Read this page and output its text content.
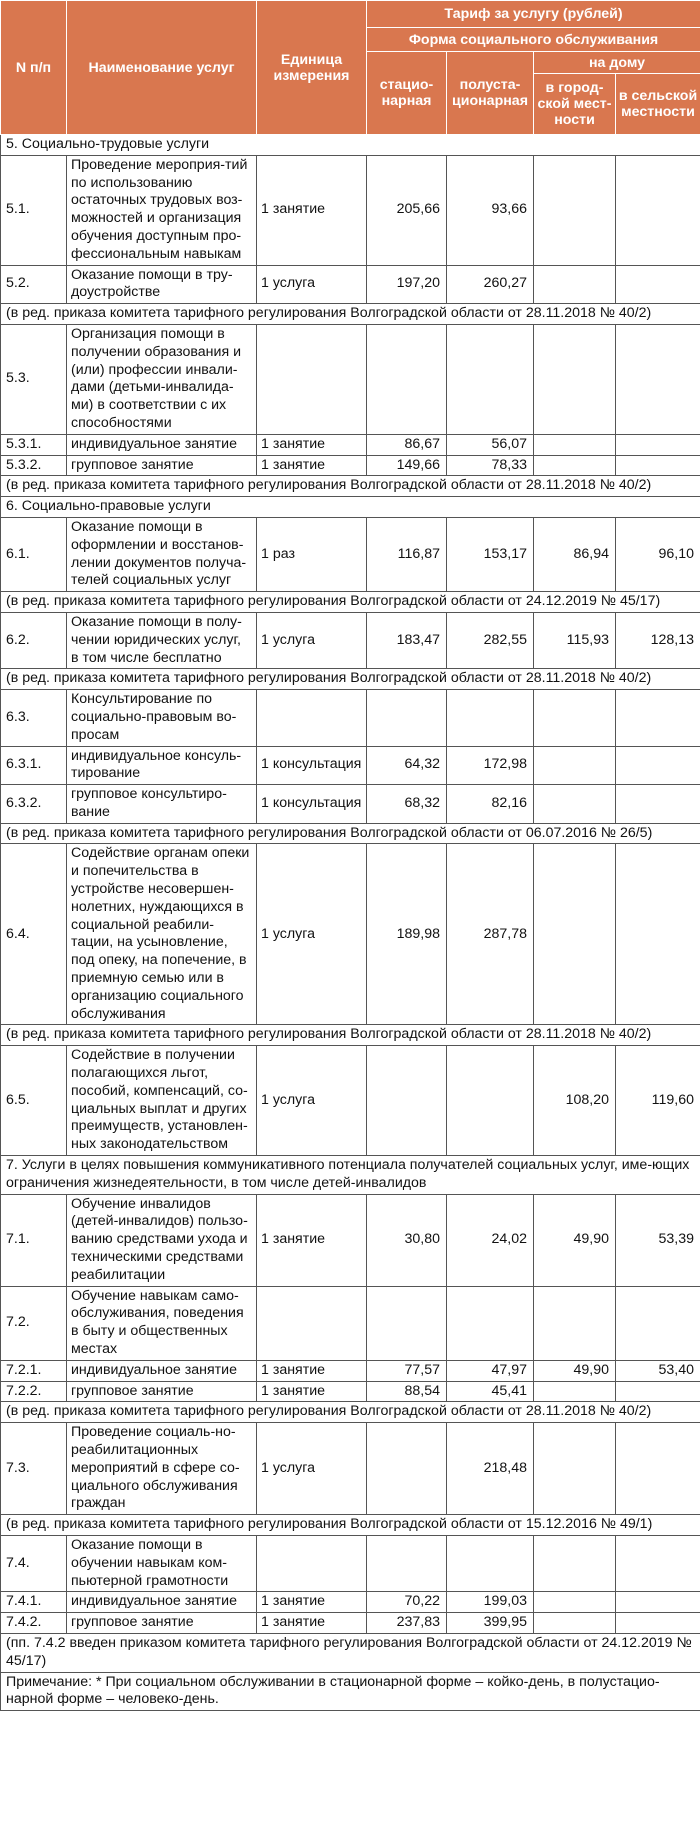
N п/п	Наименование услуг	Единица измерения	Тариф за услугу (рублей)			
			Форма социального обслуживания			
			стацио-нарная	полуста-ционарная	на дому	
					в город-ской мест-ности	в сельской местности
5. Социально-трудовые услуги						
5.1.	Проведение мероприя-тий по использованию остаточных трудовых воз-можностей и организация обучения доступным про-фессиональным навыкам	1 занятие	205,66	93,66		
5.2.	Оказание помощи в тру-доустройстве	1 услуга	197,20	260,27		
(в ред. приказа комитета тарифного регулирования Волгоградской области от 28.11.2018 № 40/2)						
5.3.	Организация помощи в получении образования и (или) профессии инвали-дами (детьми-инвалида-ми) в соответствии с их способностями					
5.3.1.	индивидуальное занятие	1 занятие	86,67	56,07		
5.3.2.	групповое занятие	1 занятие	149,66	78,33		
(в ред. приказа комитета тарифного регулирования Волгоградской области от 28.11.2018 № 40/2)						
6. Социально-правовые услуги						
6.1.	Оказание помощи в оформлении и восстанов-лении документов получа-телей социальных услуг	1 раз	116,87	153,17	86,94	96,10
(в ред. приказа комитета тарифного регулирования Волгоградской области от 24.12.2019 № 45/17)						
6.2.	Оказание помощи в полу-чении юридических услуг, в том числе бесплатно	1 услуга	183,47	282,55	115,93	128,13
(в ред. приказа комитета тарифного регулирования Волгоградской области от 28.11.2018 № 40/2)						
6.3.	Консультирование по социально-правовым во-просам					
6.3.1.	индивидуальное консуль-тирование	1 консультация	64,32	172,98		
6.3.2.	групповое консультиро-вание	1 консультация	68,32	82,16		
(в ред. приказа комитета тарифного регулирования Волгоградской области от 06.07.2016 № 26/5)						
6.4.	Содействие органам опеки и попечительства в устройстве несовершен-нолетних, нуждающихся в социальной реабили-тации, на усыновление, под опеку, на попечение, в приемную семью или в организацию социального обслуживания	1 услуга	189,98	287,78		
(в ред. приказа комитета тарифного регулирования Волгоградской области от 28.11.2018 № 40/2)						
6.5.	Содействие в получении полагающихся льгот, пособий, компенсаций, со-циальных выплат и других преимуществ, установлен-ных законодательством	1 услуга			108,20	119,60
7. Услуги в целях повышения коммуникативного потенциала получателей социальных услуг, име-ющих ограничения жизнедеятельности, в том числе детей-инвалидов						
7.1.	Обучение инвалидов (детей-инвалидов) пользо-ванию средствами ухода и техническими средствами реабилитации	1 занятие	30,80	24,02	49,90	53,39
7.2.	Обучение навыкам само-обслуживания, поведения в быту и общественных местах					
7.2.1.	индивидуальное занятие	1 занятие	77,57	47,97	49,90	53,40
7.2.2.	групповое занятие	1 занятие	88,54	45,41		
(в ред. приказа комитета тарифного регулирования Волгоградской области от 28.11.2018 № 40/2)						
7.3.	Проведение социаль-но-реабилитационных мероприятий в сфере со-циального обслуживания граждан	1 услуга		218,48		
(в ред. приказа комитета тарифного регулирования Волгоградской области от 15.12.2016 № 49/1)						
7.4.	Оказание помощи в обучении навыкам ком-пьютерной грамотности					
7.4.1.	индивидуальное занятие	1 занятие	70,22	199,03		
7.4.2.	групповое занятие	1 занятие	237,83	399,95		
(пп. 7.4.2 введен приказом комитета тарифного регулирования Волгоградской области от 24.12.2019 № 45/17)						
Примечание: * При социальном обслуживании в стационарной форме – койко-день, в полустацио-нарной форме – человеко-день.						
